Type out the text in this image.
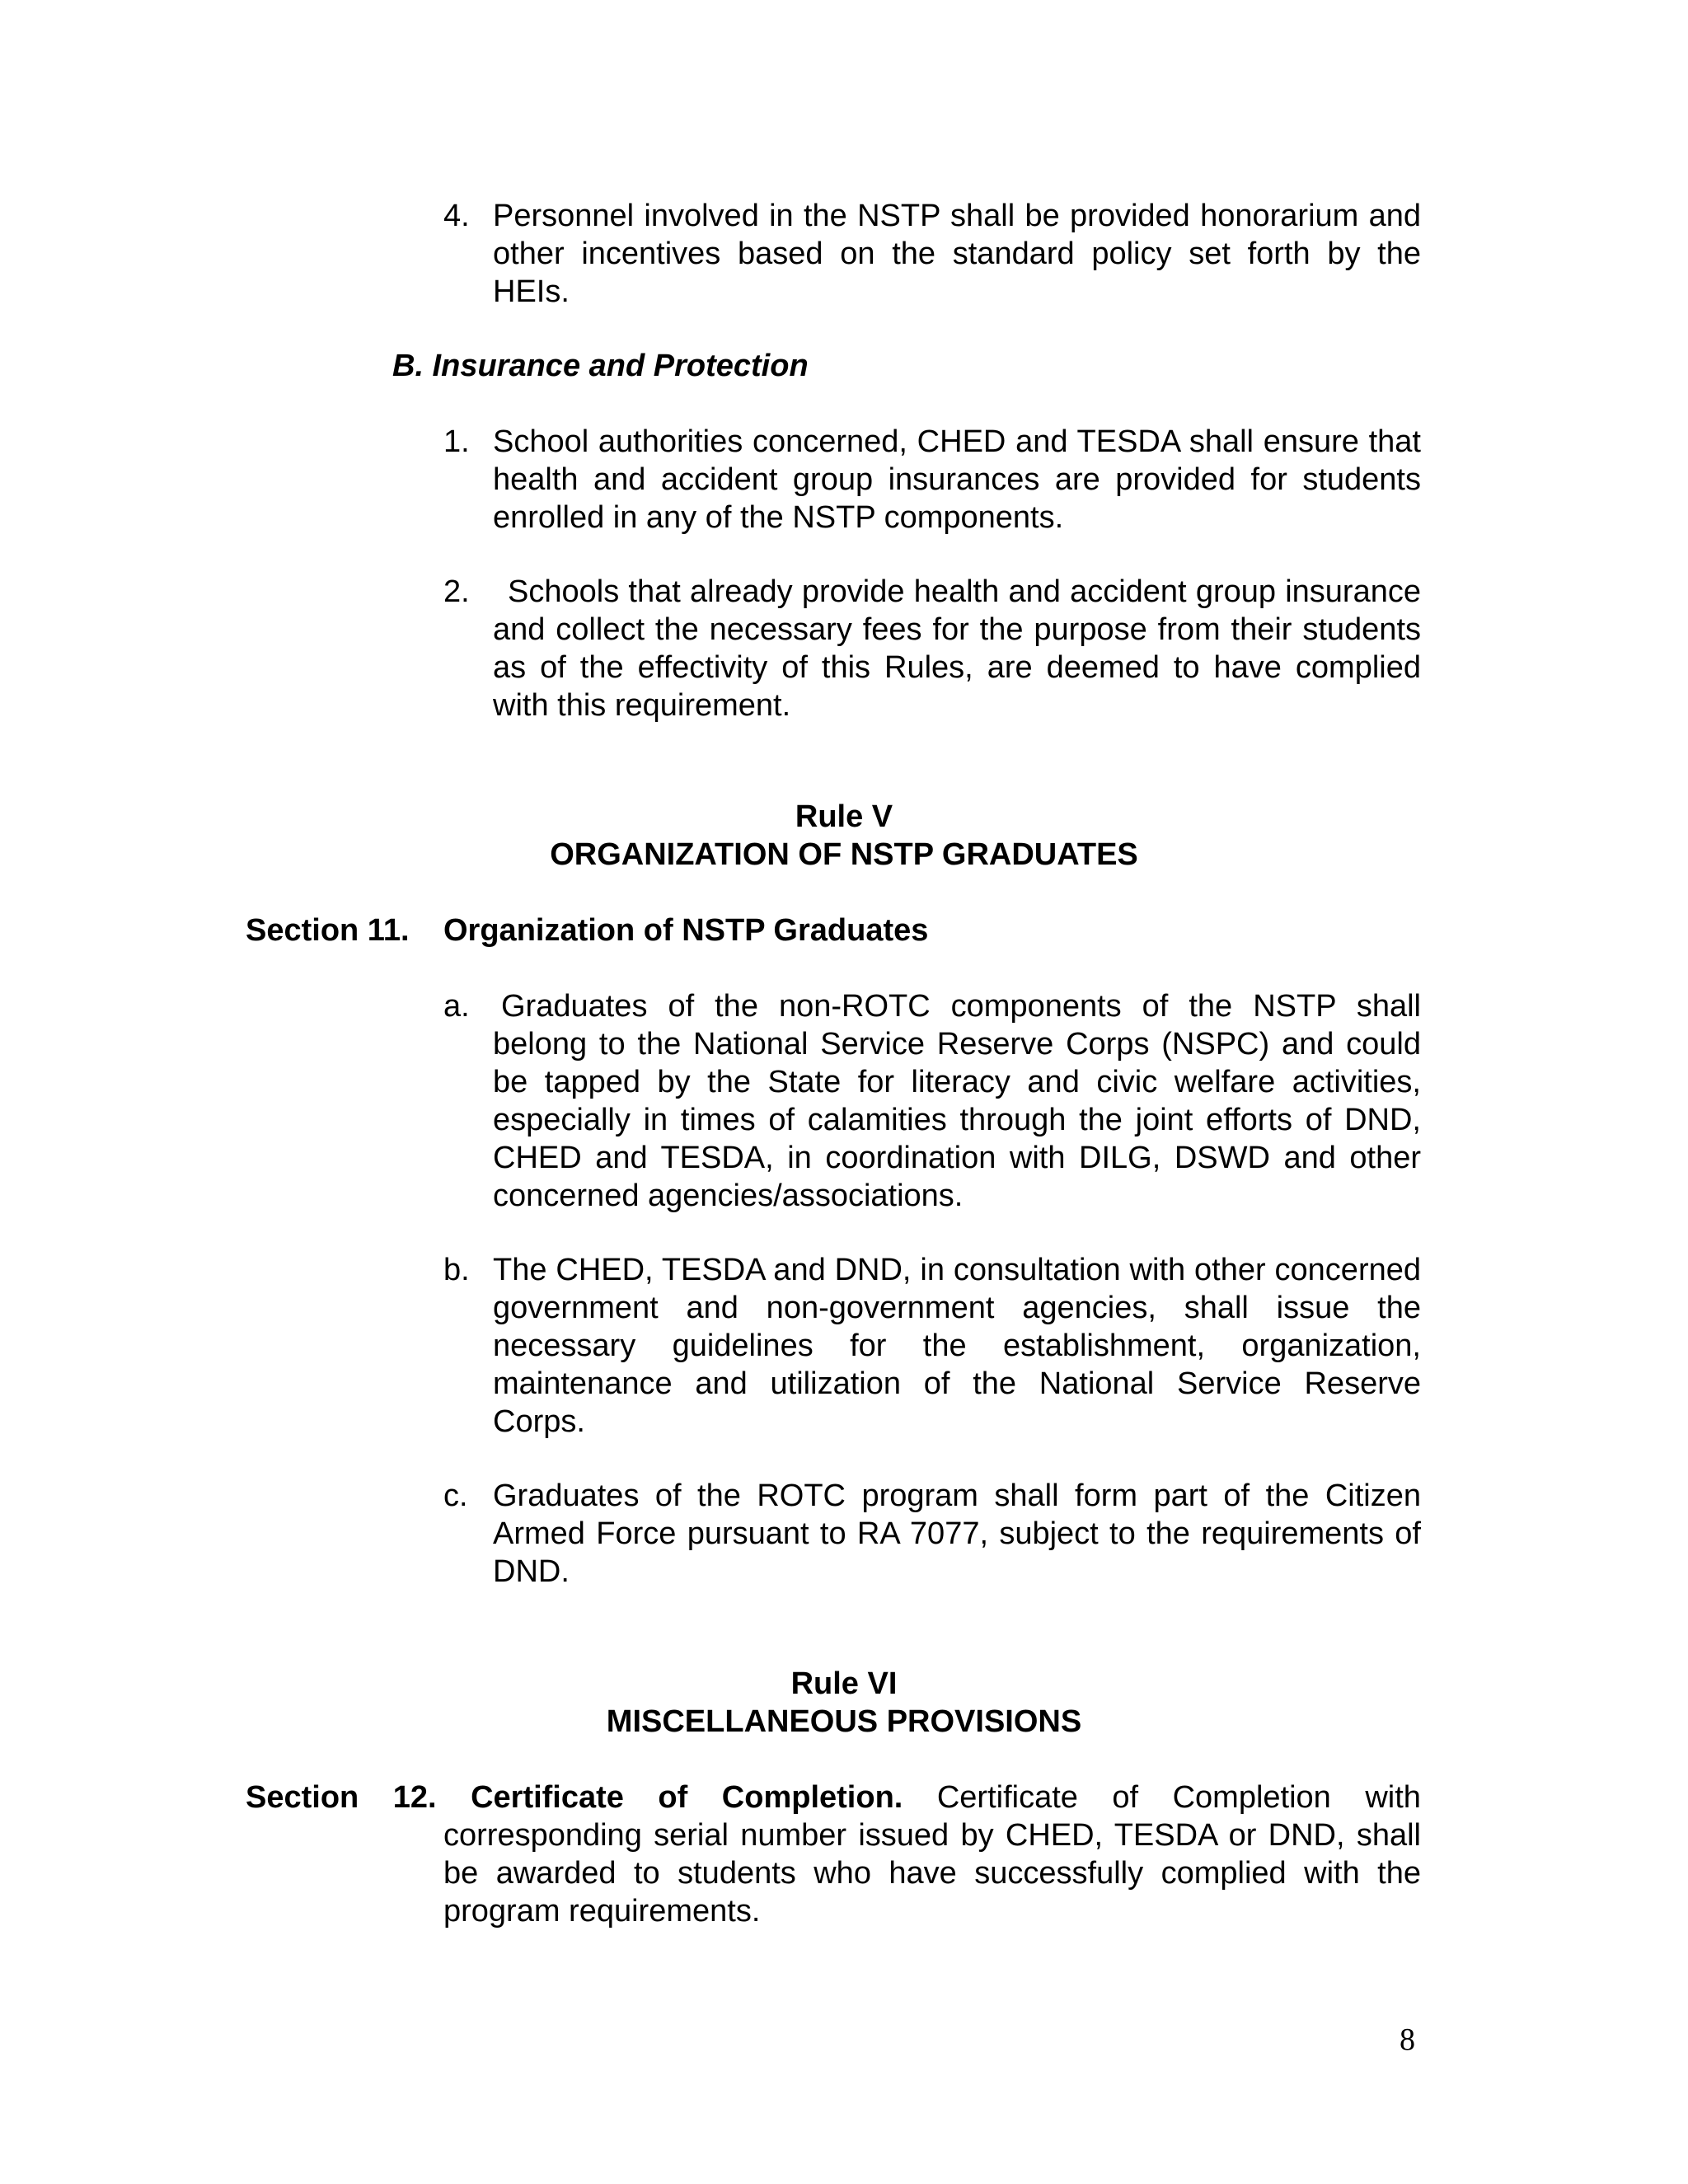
4. Personnel involved in the NSTP shall be provided honorarium and other incentives based on the standard policy set forth by the HEIs.
B. Insurance and Protection
1. School authorities concerned, CHED and TESDA shall ensure that health and accident group insurances are provided for students enrolled in any of the NSTP components.
2.	Schools that already provide health and accident group insurance and collect the necessary fees for the purpose from their students as of the effectivity of this Rules, are deemed to have complied with this requirement.
Rule V
ORGANIZATION OF NSTP GRADUATES
Section 11. Organization of NSTP Graduates
a. Graduates of the non-ROTC components of the NSTP shall belong to the National Service Reserve Corps (NSPC) and could be tapped by the State for literacy and civic welfare activities, especially in times of calamities through the joint efforts of DND, CHED and TESDA, in coordination with DILG, DSWD and other concerned agencies/associations.
b. The CHED, TESDA and DND, in consultation with other concerned government and non-government agencies, shall issue the necessary guidelines for the establishment, organization, maintenance and utilization of the National Service Reserve Corps.
c. Graduates of the ROTC program shall form part of the Citizen Armed Force pursuant to RA 7077, subject to the requirements of DND.
Rule VI
MISCELLANEOUS PROVISIONS
Section 12. Certificate of Completion. Certificate of Completion with
corresponding serial number issued by CHED, TESDA or DND, shall be awarded to students who have successfully complied with the program requirements.
8
